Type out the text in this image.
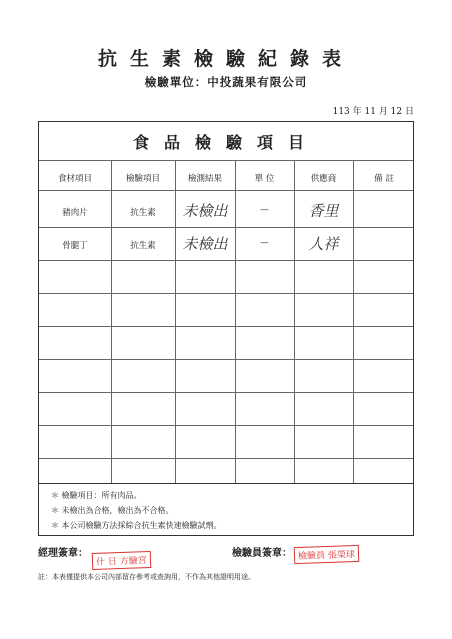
抗生素檢驗紀錄表
檢驗單位：中投蔬果有限公司
113 年 11 月 12 日
食品檢驗項目
食材項目	檢驗項目	檢測結果	單 位	供應商	備 註
豬肉片	抗生素	未檢出	—	香里
骨腿丁	抗生素	未檢出	—	人祥
＊ 檢驗項目：所有肉品。
＊ 未檢出為合格，檢出為不合格。
＊ 本公司檢驗方法採綜合抗生素快速檢驗試劑。
經理簽章：
什 日 方驗宮
檢驗員簽章： 檢驗員 張榮球
註：本表僅提供本公司內部留存參考或查詢用，不作為其他證明用途。
